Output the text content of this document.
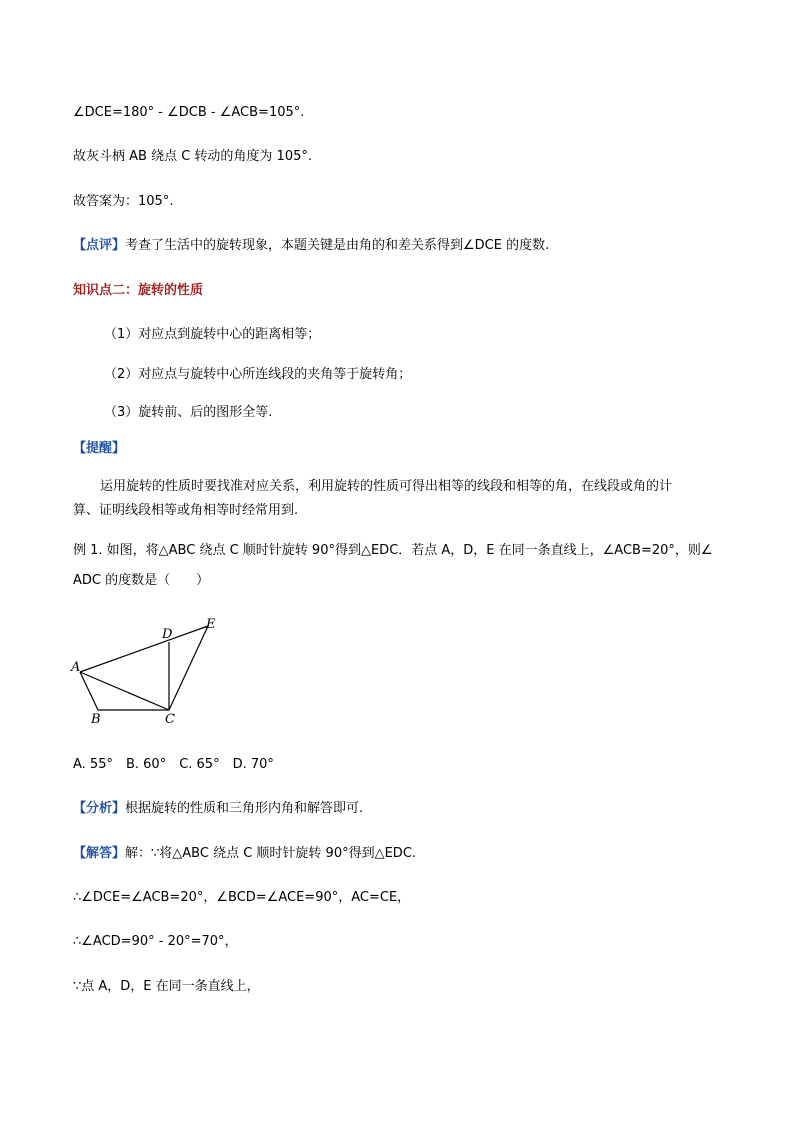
∠DCE=180° - ∠DCB - ∠ACB=105°.
故灰斗柄 AB 绕点 C 转动的角度为 105°.
故答案为：105°.
【点评】考查了生活中的旋转现象，本题关键是由角的和差关系得到∠DCE 的度数.
知识点二：旋转的性质
（1）对应点到旋转中心的距离相等；
（2）对应点与旋转中心所连线段的夹角等于旋转角；
（3）旋转前、后的图形全等.
【提醒】
运用旋转的性质时要找准对应关系，利用旋转的性质可得出相等的线段和相等的角，在线段或角的计
算、证明线段相等或角相等时经常用到.
例 1. 如图，将△ABC 绕点 C 顺时针旋转 90°得到△EDC．若点 A，D，E 在同一条直线上，∠ACB=20°，则∠
ADC 的度数是（　　）
A
B	C
D
E
A. 55°　B. 60°　C. 65°　D. 70°
【分析】根据旋转的性质和三角形内角和解答即可.
【解答】解：∵将△ABC 绕点 C 顺时针旋转 90°得到△EDC.
∴∠DCE=∠ACB=20°，∠BCD=∠ACE=90°，AC=CE，
∴∠ACD=90° - 20°=70°，
∵点 A，D，E 在同一条直线上，
